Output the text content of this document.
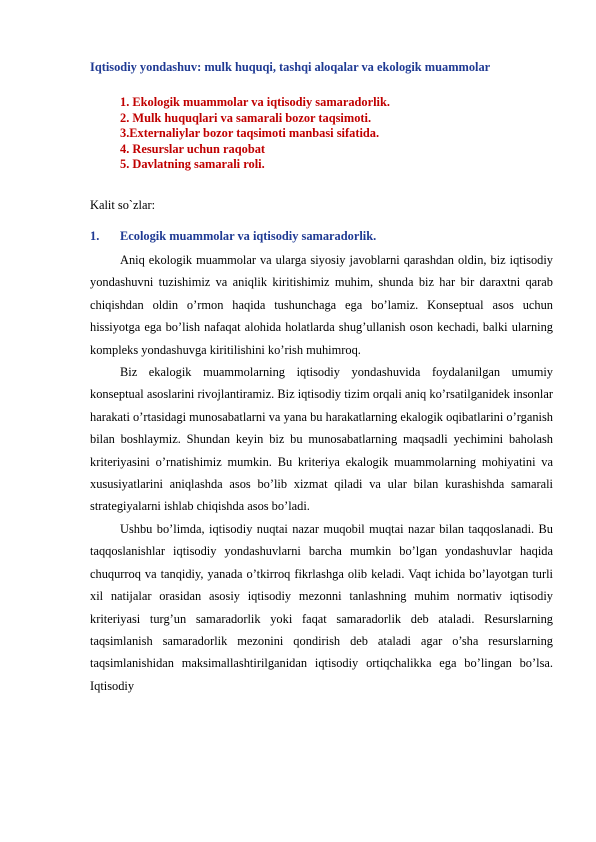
Iqtisodiy yondashuv: mulk huquqi, tashqi aloqalar va ekologik muammolar
1. Ekologik muammolar va iqtisodiy samaradorlik.
2. Mulk huquqlari va samarali bozor taqsimoti.
3.Externaliylar bozor taqsimoti manbasi sifatida.
4. Resurslar uchun raqobat
5. Davlatning samarali roli.
Kalit so`zlar:
1. Ecologik muammolar va iqtisodiy samaradorlik.

Aniq ekologik muammolar va ularga siyosiy javoblarni qarashdan oldin, biz iqtisodiy yondashuvni tuzishimiz va aniqlik kiritishimiz muhim, shunda biz har bir daraxtni qarab chiqishdan oldin o’rmon haqida tushunchaga ega bo’lamiz. Konseptual asos uchun hissiyotga ega bo’lish nafaqat alohida holatlarda shug’ullanish oson kechadi, balki ularning kompleks yondashuvga kiritilishini ko’rish muhimroq.

Biz ekalogik muammolarning iqtisodiy yondashuvida foydalanilgan umumiy konseptual asoslarini rivojlantiramiz. Biz iqtisodiy tizim orqali aniq ko’rsatilganidek insonlar harakati o’rtasidagi munosabatlarni va yana bu harakatlarning ekalogik oqibatlarini o’rganish bilan boshlaymiz. Shundan keyin biz bu munosabatlarning maqsadli yechimini baholash kriteriyasini o’rnatishimiz mumkin. Bu kriteriya ekalogik muammolarning mohiyatini va xususiyatlarini aniqlashda asos bo’lib xizmat qiladi va ular bilan kurashishda samarali strategiyalarni ishlab chiqishda asos bo’ladi.

Ushbu bo’limda, iqtisodiy nuqtai nazar muqobil muqtai nazar bilan taqqoslanadi. Bu taqqoslanishlar iqtisodiy yondashuvlarni barcha mumkin bo’lgan yondashuvlar haqida chuqurroq va tanqidiy, yanada o’tkirroq fikrlashga olib keladi. Vaqt ichida bo’layotgan turli xil natijalar orasidan asosiy iqtisodiy mezonni tanlashning muhim normativ iqtisodiy kriteriyasi turg’un samaradorlik yoki faqat samaradorlik deb ataladi. Resurslarning taqsimlanish samaradorlik mezonini qondirish deb ataladi agar o’sha resurslarning taqsimlanishidan maksimallashtirilganidan iqtisodiy ortiqchalikka ega bo’lingan bo’lsa. Iqtisodiy
